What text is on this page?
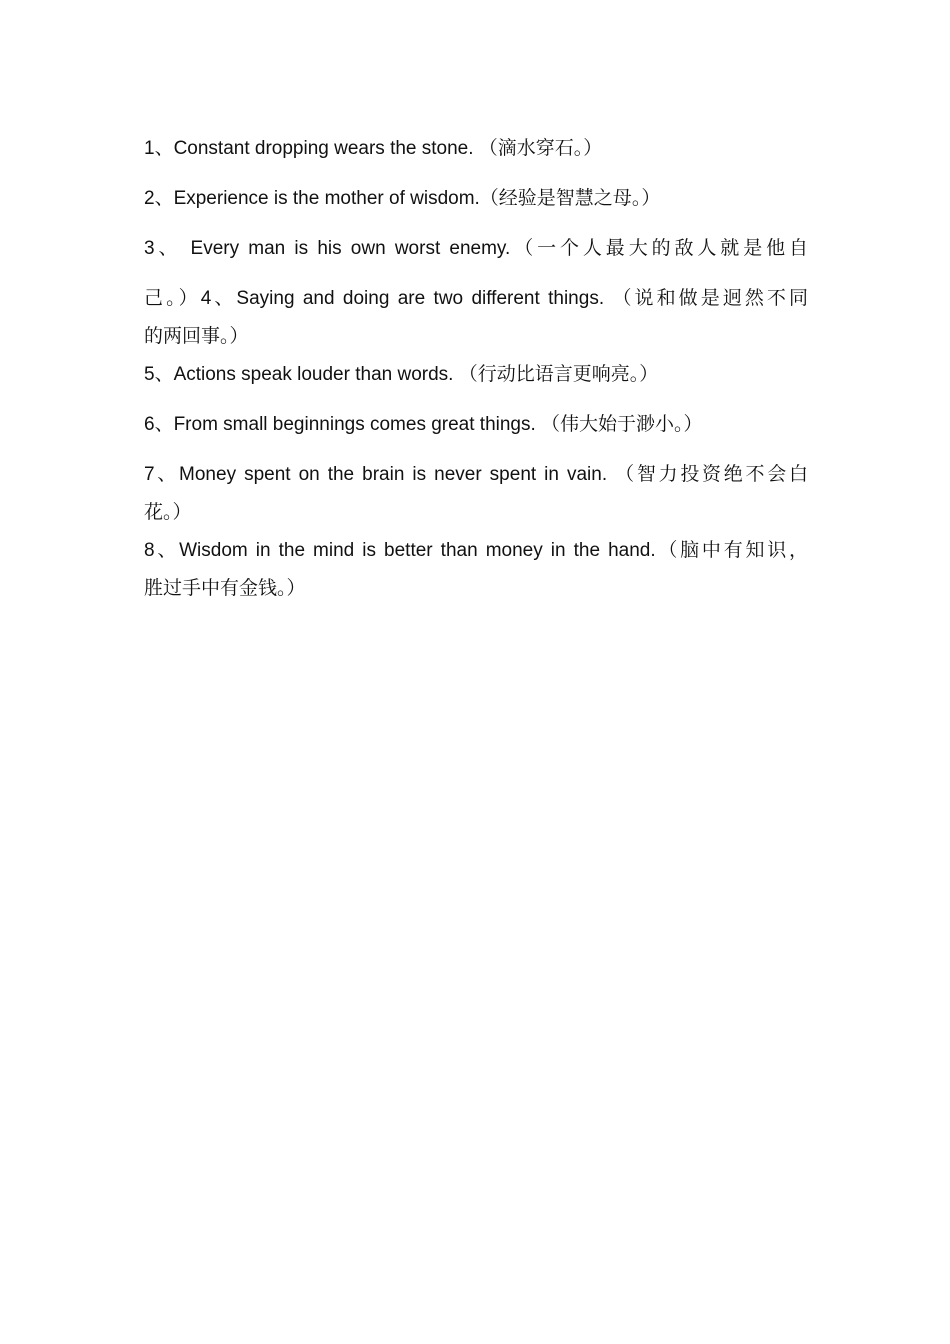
1、Constant dropping wears the stone. （滴水穿石。）
2、Experience is the mother of wisdom.（经验是智慧之母。）
3、 Every man is his own worst enemy.（一个人最大的敌人就是他自
己。）4、Saying and doing are two different things. （说和做是迥然不同
的两回事。）
5、Actions speak louder than words. （行动比语言更响亮。）
6、From small beginnings comes great things. （伟大始于渺小。）
7、Money spent on the brain is never spent in vain. （智力投资绝不会白
花。）
8、Wisdom in the mind is better than money in the hand.（脑中有知识，
胜过手中有金钱。）
